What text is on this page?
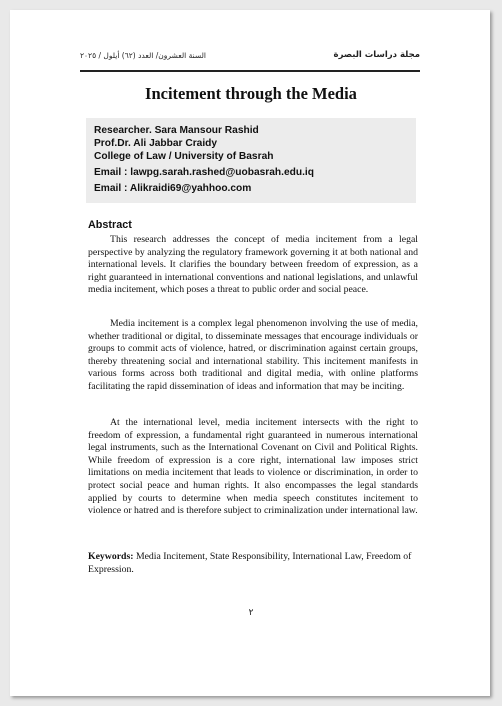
مجلة دراسات البصرة
السنة العشرون/ العدد (٦٢) أيلول / ٢٠٢٥
Incitement through the Media
Researcher. Sara Mansour Rashid
Prof.Dr. Ali Jabbar Craidy
College of Law / University of Basrah
Email : lawpg.sarah.rashed@uobasrah.edu.iq
Email : Alikraidi69@yahhoo.com
Abstract

This research addresses the concept of media incitement from a legal perspective by analyzing the regulatory framework governing it at both national and international levels. It clarifies the boundary between freedom of expression, as a right guaranteed in international conventions and national legislations, and unlawful media incitement, which poses a threat to public order and social peace.

Media incitement is a complex legal phenomenon involving the use of media, whether traditional or digital, to disseminate messages that encourage individuals or groups to commit acts of violence, hatred, or discrimination against certain groups, thereby threatening social and international stability. This incitement manifests in various forms across both traditional and digital media, with online platforms facilitating the rapid dissemination of ideas and information that may be inciting.

At the international level, media incitement intersects with the right to freedom of expression, a fundamental right guaranteed in numerous international legal instruments, such as the International Covenant on Civil and Political Rights. While freedom of expression is a core right, international law imposes strict limitations on media incitement that leads to violence or discrimination, in order to protect social peace and human rights. It also encompasses the legal standards applied by courts to determine when media speech constitutes incitement to violence or hatred and is therefore subject to criminalization under international law.

Keywords: Media Incitement, State Responsibility, International Law, Freedom of Expression.
٢
